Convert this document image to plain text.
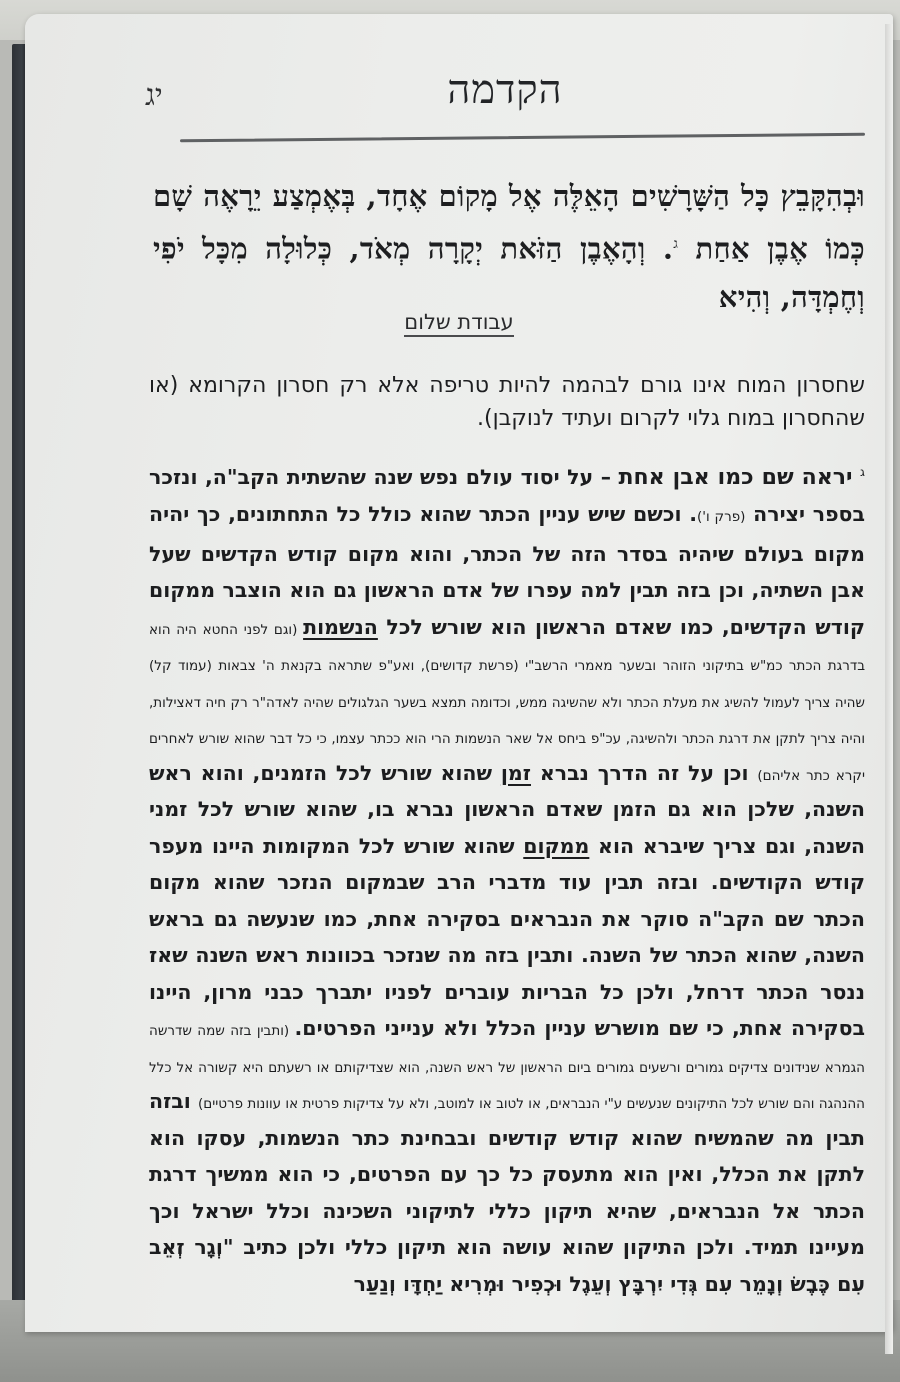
יג	הקדמה
וּבְהִקָּבֵץ כָּל הַשָּׁרָשִׁים הָאֵלֶּה אֶל מָקוֹם אֶחָד, בְּאֶמְצַע יֵרָאֶה שָׁם כְּמוֹ אֶבֶן אַחַת $^ג$. וְהָאֶבֶן הַזֹּאת יְקָרָה מְאֹד, כְּלוּלָה מִכָּל יֹפִי וְחֶמְדָּה, וְהִיא
עבודת שלום
שחסרון המוח אינו גורם לבהמה להיות טריפה אלא רק חסרון הקרומא (או שהחסרון במוח גלוי לקרום ועתיד לנוקבן).
$^ג$ יראה שם כמו אבן אחת – על יסוד עולם נפש שנה שהשתית הקב"ה, ונזכר בספר יצירה (פרק ו'). וכשם שיש עניין הכתר שהוא כולל כל התחתונים, כך יהיה מקום בעולם שיהיה בסדר הזה של הכתר, והוא מקום קודש הקדשים שעל אבן השתיה, וכן בזה תבין למה עפרו של אדם הראשון גם הוא הוצבר ממקום קודש הקדשים, כמו שאדם הראשון הוא שורש לכל הנשמות (וגם לפני החטא היה הוא בדרגת הכתר כמ"ש בתיקוני הזוהר ובשער מאמרי הרשב"י (פרשת קדושים), ואע"פ שתראה בקנאת ה' צבאות (עמוד קל) שהיה צריך לעמול להשיג את מעלת הכתר ולא שהשיגה ממש, וכדומה תמצא בשער הגלגולים שהיה לאדה"ר רק חיה דאצילות, והיה צריך לתקן את דרגת הכתר ולהשיגה, עכ"פ ביחס אל שאר הנשמות הרי הוא ככתר עצמו, כי כל דבר שהוא שורש לאחרים יקרא כתר אליהם) וכן על זה הדרך נברא זמן שהוא שורש לכל הזמנים, והוא ראש השנה, שלכן הוא גם הזמן שאדם הראשון נברא בו, שהוא שורש לכל זמני השנה, וגם צריך שיברא הוא ממקום שהוא שורש לכל המקומות היינו מעפר קודש הקודשים. ובזה תבין עוד מדברי הרב שבמקום הנזכר שהוא מקום הכתר שם הקב"ה סוקר את הנבראים בסקירה אחת, כמו שנעשה גם בראש השנה, שהוא הכתר של השנה. ותבין בזה מה שנזכר בכוונות ראש השנה שאז ננסר הכתר דרחל, ולכן כל הבריות עוברים לפניו יתברך כבני מרון, היינו בסקירה אחת, כי שם מושרש עניין הכלל ולא ענייני הפרטים. (ותבין בזה שמה שדרשה הגמרא שנידונים צדיקים גמורים ורשעים גמורים ביום הראשון של ראש השנה, הוא שצדיקותם או רשעתם היא קשורה אל כלל ההנהגה והם שורש לכל התיקונים שנעשים ע"י הנבראים, או לטוב או למוטב, ולא על צדיקות פרטית או עוונות פרטיים) ובזה תבין מה שהמשיח שהוא קודש קודשים ובבחינת כתר הנשמות, עסקו הוא לתקן את הכלל, ואין הוא מתעסק כל כך עם הפרטים, כי הוא ממשיך דרגת הכתר אל הנבראים, שהיא תיקון כללי לתיקוני השכינה וכלל ישראל וכך מעיינו תמיד. ולכן התיקון שהוא עושה הוא תיקון כללי ולכן כתיב "וְגָר זְאֵב עִם כֶּבֶשׂ וְנָמֵר עִם גְּדִי יִרְבָּץ וְעֵגֶל וּכְפִיר וּמְרִיא יַחְדָּו וְנַעַר
